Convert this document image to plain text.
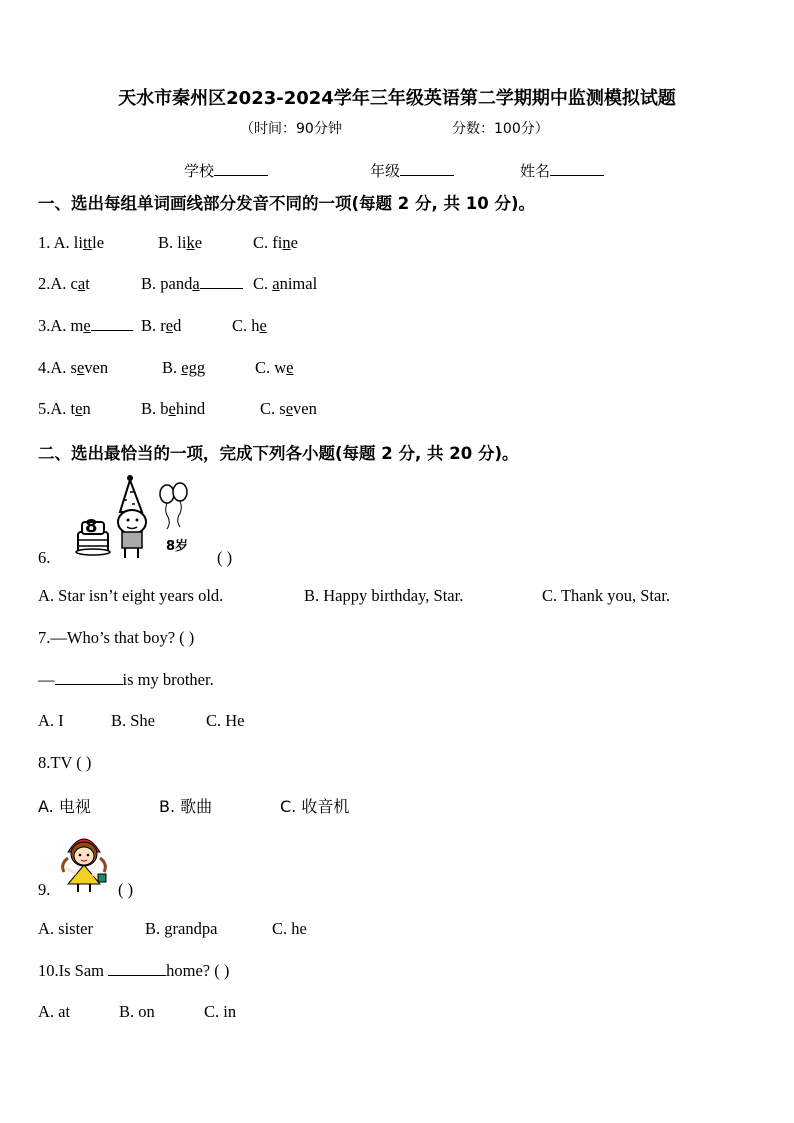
天水市秦州区2023-2024学年三年级英语第二学期期中监测模拟试题
（时间：90分钟	分数：100分）
学校	年级	姓名
一、选出每组单词画线部分发音不同的一项(每题 2 分, 共 10 分)。
1. A. little	B. like	C. fine
2.A. cat	B. panda	C. animal
3.A. me	B. red	C. he
4.A. seven	B. egg	C. we
5.A. ten	B. behind	C. seven
二、选出最恰当的一项，完成下列各小题(每题 2 分, 共 20 分)。
6.
8
8岁
( )
A. Star isn’t eight years old.	B. Happy birthday, Star.	C. Thank you, Star.
7.—Who’s that boy? ( )
—	is my brother.
A. I	B. She	C. He
8.TV ( )
A. 电视	B. 歌曲	C. 收音机
9.	( )
A. sister	B. grandpa	C. he
10.Is Sam	home? ( )
A. at	B. on	C. in
